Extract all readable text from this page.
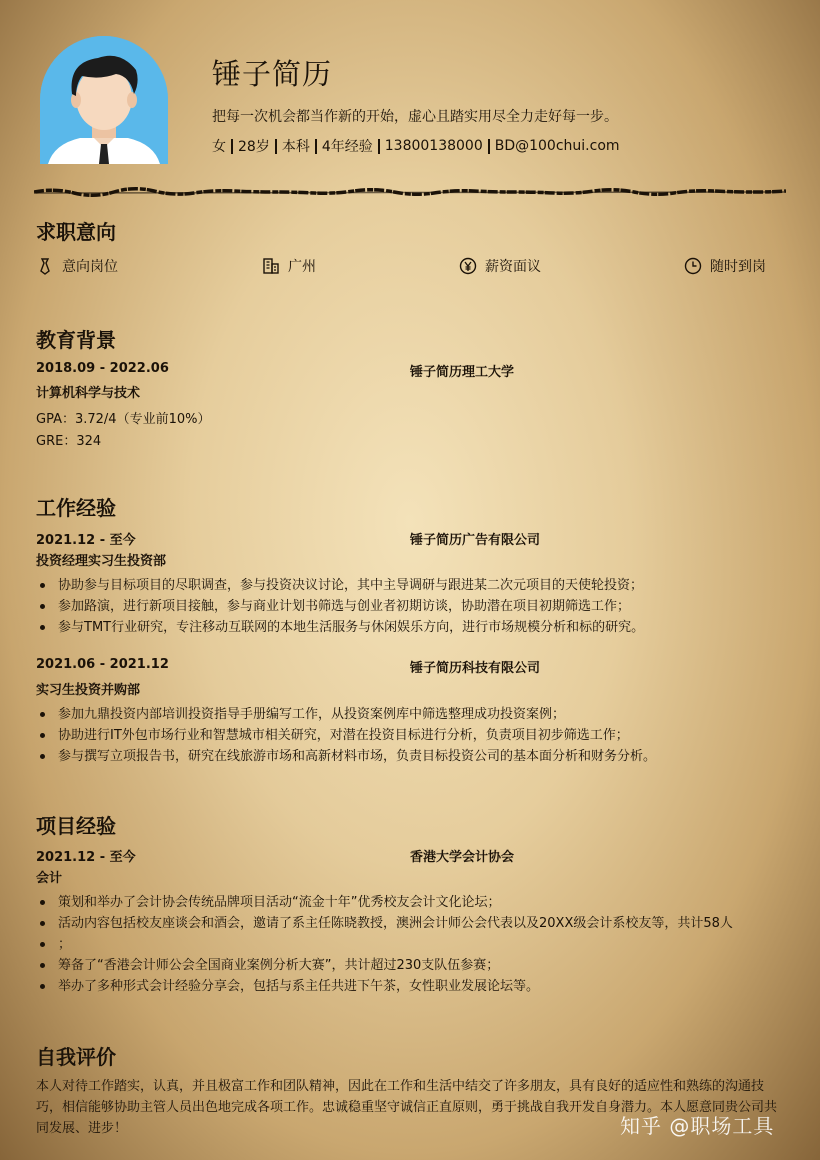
锤子简历
把每一次机会都当作新的开始，虚心且踏实用尽全力走好每一步。
女 28岁 本科 4年经验 13800138000 BD@100chui.com
求职意向
意向岗位	广州	薪资面议	随时到岗
教育背景
2018.09 - 2022.06	锤子简历理工大学
计算机科学与技术
GPA：3.72/4（专业前10%）
GRE：324
工作经验
2021.12 - 至今	锤子简历广告有限公司
投资经理实习生投资部
协助参与目标项目的尽职调查，参与投资决议讨论，其中主导调研与跟进某二次元项目的天使轮投资；
参加路演，进行新项目接触，参与商业计划书筛选与创业者初期访谈，协助潜在项目初期筛选工作；
参与TMT行业研究，专注移动互联网的本地生活服务与休闲娱乐方向，进行市场规模分析和标的研究。
2021.06 - 2021.12	锤子简历科技有限公司
实习生投资并购部
参加九鼎投资内部培训投资指导手册编写工作，从投资案例库中筛选整理成功投资案例；
协助进行IT外包市场行业和智慧城市相关研究，对潜在投资目标进行分析，负责项目初步筛选工作；
参与撰写立项报告书，研究在线旅游市场和高新材料市场，负责目标投资公司的基本面分析和财务分析。
项目经验
2021.12 - 至今	香港大学会计协会
会计
策划和举办了会计协会传统品牌项目活动“流金十年”优秀校友会计文化论坛；
活动内容包括校友座谈会和酒会，邀请了系主任陈晓教授，澳洲会计师公会代表以及20XX级会计系校友等，共计58人
；
筹备了“香港会计师公会全国商业案例分析大赛”，共计超过230支队伍参赛；
举办了多种形式会计经验分享会，包括与系主任共进下午茶，女性职业发展论坛等。
自我评价
本人对待工作踏实，认真，并且极富工作和团队精神，因此在工作和生活中结交了许多朋友，具有良好的适应性和熟练的沟通技巧，相信能够协助主管人员出色地完成各项工作。忠诚稳重坚守诚信正直原则，勇于挑战自我开发自身潜力。本人愿意同贵公司共同发展、进步！	知乎 @职场工具
